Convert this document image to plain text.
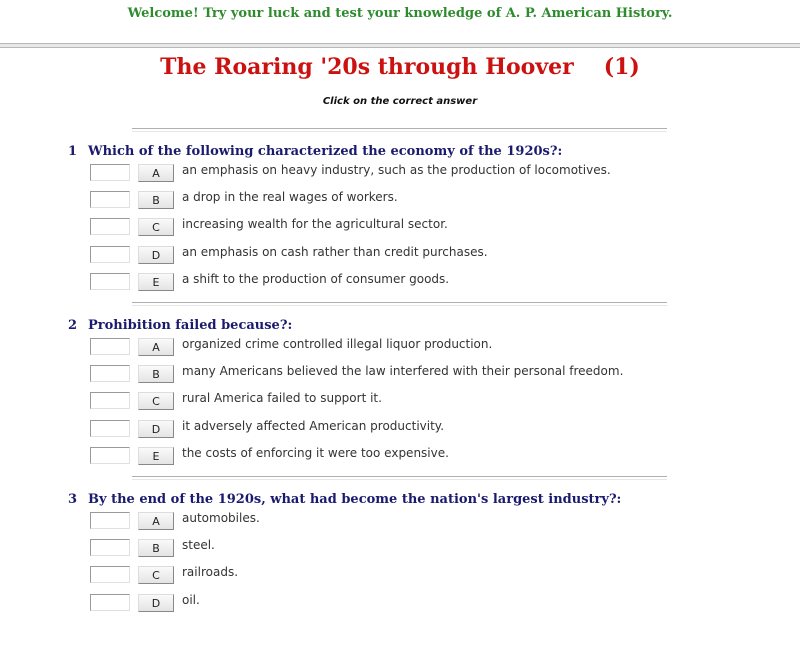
Welcome! Try your luck and test your knowledge of A. P. American History.
The Roaring '20s through Hoover (1)
Click on the correct answer
1 Which of the following characterized the economy of the 1920s?:
A	an emphasis on heavy industry, such as the production of locomotives.
B	a drop in the real wages of workers.
C	increasing wealth for the agricultural sector.
D	an emphasis on cash rather than credit purchases.
E	a shift to the production of consumer goods.
2 Prohibition failed because?:
A	organized crime controlled illegal liquor production.
B	many Americans believed the law interfered with their personal freedom.
C	rural America failed to support it.
D	it adversely affected American productivity.
E	the costs of enforcing it were too expensive.
3 By the end of the 1920s, what had become the nation's largest industry?:
A	automobiles.
B	steel.
C	railroads.
D	oil.
